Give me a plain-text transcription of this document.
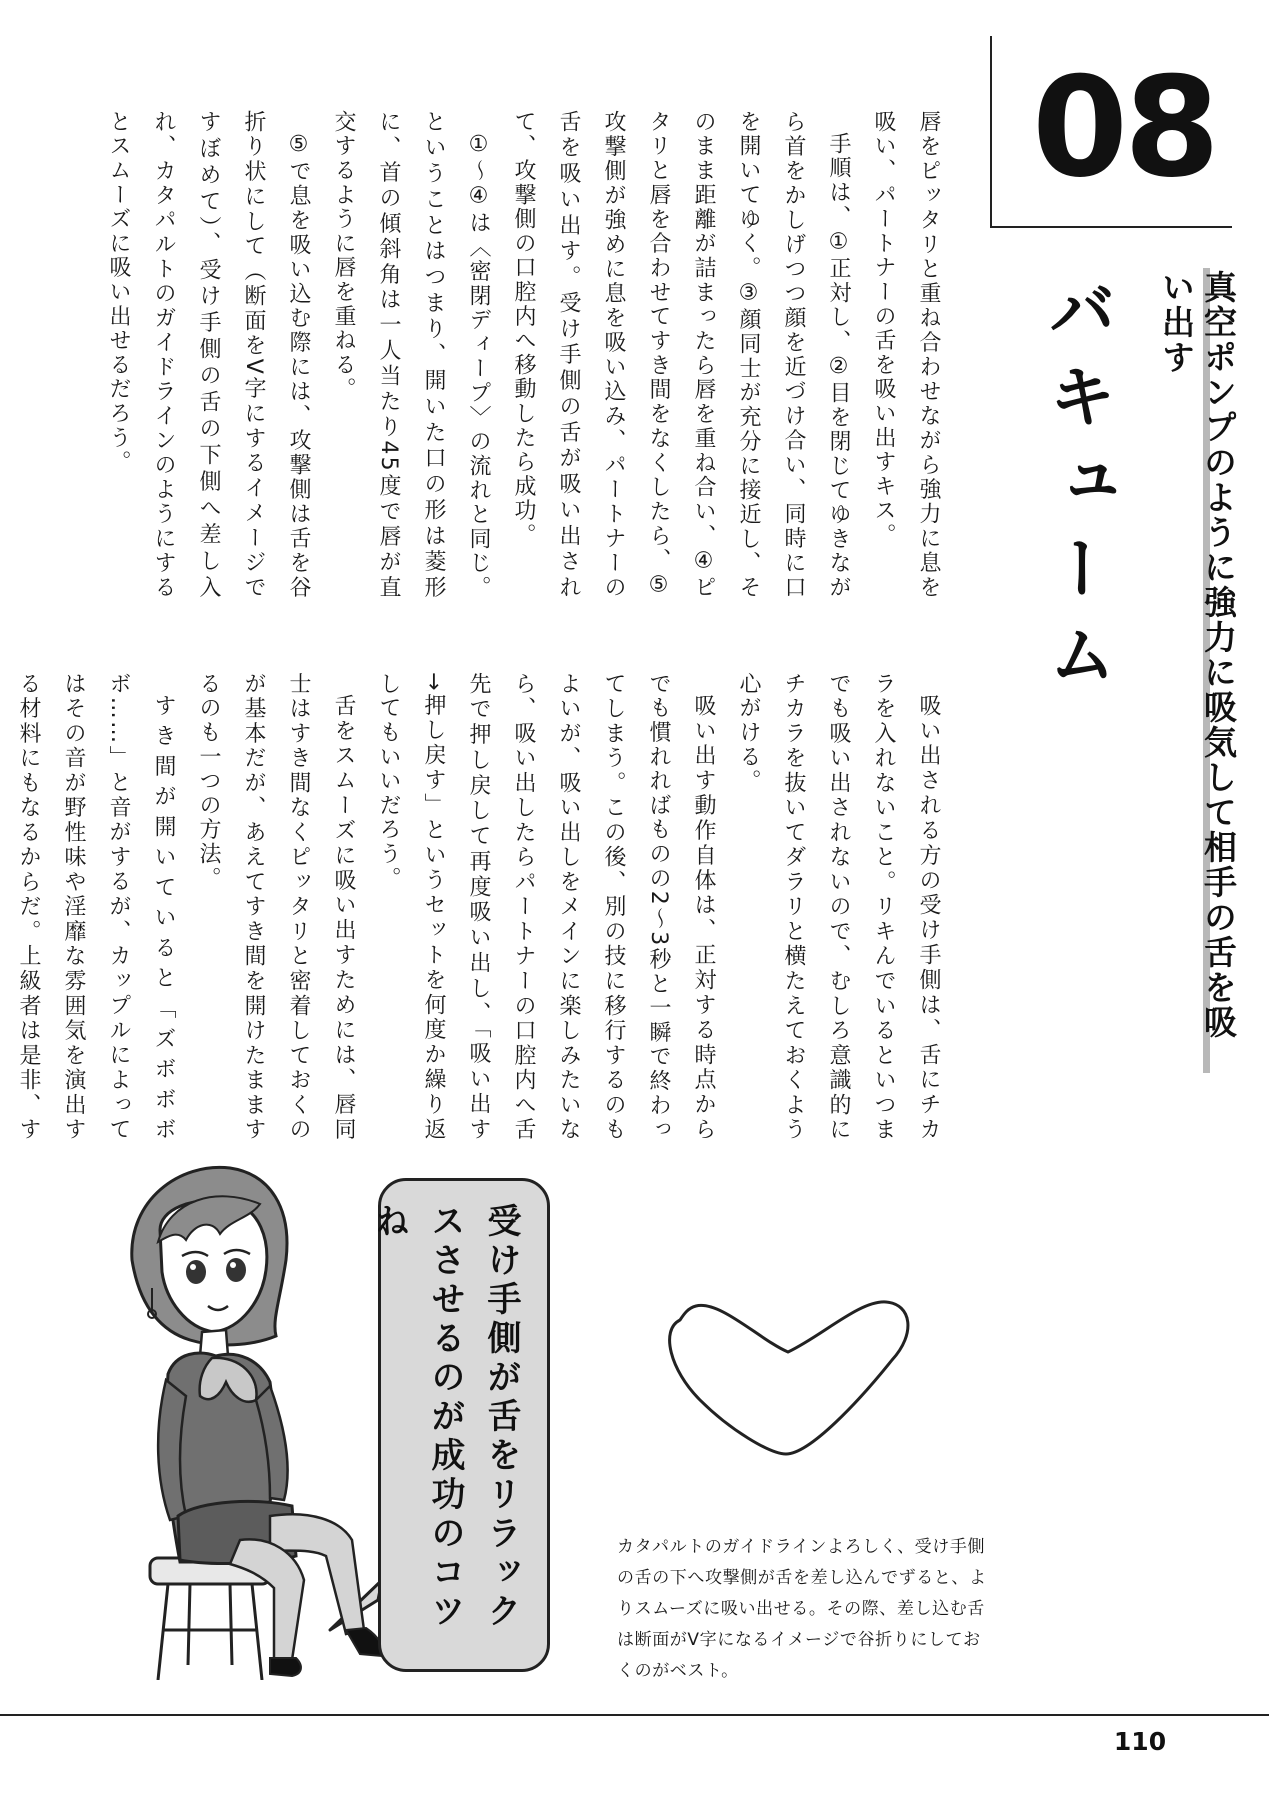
08
真空ポンプのように強力に吸気して相手の舌を吸い出す
バキューム

唇をピッタリと重ね合わせながら強力に息を吸い、パートナーの舌を吸い出すキス。

手順は、①正対し、②目を閉じてゆきながら首をかしげつつ顔を近づけ合い、同時に口を開いてゆく。③顔同士が充分に接近し、そのまま距離が詰まったら唇を重ね合い、④ピタリと唇を合わせてすき間をなくしたら、⑤攻撃側が強めに息を吸い込み、パートナーの舌を吸い出す。受け手側の舌が吸い出されて、攻撃側の口腔内へ移動したら成功。

①〜④は〈密閉ディープ〉の流れと同じ。ということはつまり、開いた口の形は菱形に、首の傾斜角は一人当たり45度で唇が直交するように唇を重ねる。

⑤で息を吸い込む際には、攻撃側は舌を谷折り状にして（断面をV字にするイメージですぼめて）、受け手側の舌の下側へ差し入れ、カタパルトのガイドラインのようにするとスムーズに吸い出せるだろう。

吸い出される方の受け手側は、舌にチカラを入れないこと。リキんでいるといつまでも吸い出されないので、むしろ意識的にチカラを抜いてダラリと横たえておくよう心がける。

吸い出す動作自体は、正対する時点からでも慣れればものの2〜3秒と一瞬で終わってしまう。この後、別の技に移行するのもよいが、吸い出しをメインに楽しみたいなら、吸い出したらパートナーの口腔内へ舌先で押し戻して再度吸い出し、「吸い出す→押し戻す」というセットを何度か繰り返してもいいだろう。

舌をスムーズに吸い出すためには、唇同士はすき間なくピッタリと密着しておくのが基本だが、あえてすき間を開けたままするのも一つの方法。

すき間が開いていると「ズボボボボ……」と音がするが、カップルによってはその音が野性味や淫靡な雰囲気を演出する材料にもなるからだ。上級者は是非、す

受け手側が舌をリラックスさせるのが成功のコツね
カタパルトのガイドラインよろしく、受け手側の舌の下へ攻撃側が舌を差し込んでずると、よりスムーズに吸い出せる。その際、差し込む舌は断面がV字になるイメージで谷折りにしておくのがベスト。
110
